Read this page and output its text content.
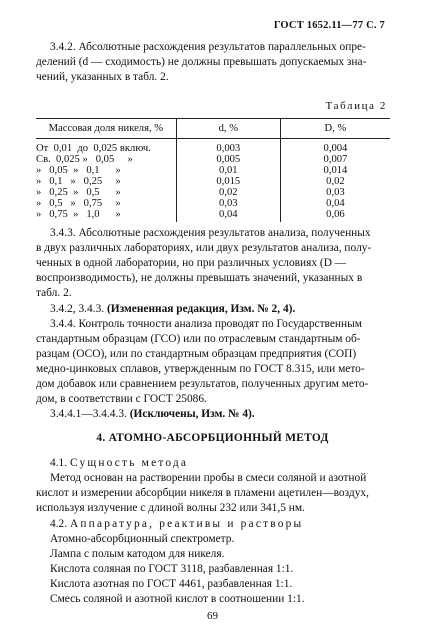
ГОСТ 1652.11—77 С. 7
3.4.2. Абсолютные расхождения результатов параллельных опре-
делений (d — сходимость) не должны превышать допускаемых зна-
чений, указанных в табл. 2.
Таблица 2
Массовая доля никеля, %	d, %	D, %
От  0,01  до  0,025 включ.	0,003	0,004
Св.  0,025 »   0,05     »	0,005	0,007
»   0,05  »   0,1      »	0,01	0,014
»   0,1   »   0,25     »	0,015	0,02
»   0,25  »   0,5      »	0,02	0,03
»   0,5   »   0,75     »	0,03	0,04
»   0,75  »   1,0      »	0,04	0,06
3.4.3. Абсолютные расхождения результатов анализа, полученных
в двух различных лабораториях, или двух результатов анализа, полу-
ченных в одной лаборатории, но при различных условиях (D —
воспроизводимость), не должны превышать значений, указанных в
табл. 2.
3.4.2, 3.4.3. (Измененная редакция, Изм. № 2, 4).
3.4.4. Контроль точности анализа проводят по Государственным
стандартным образцам (ГСО) или по отраслевым стандартным об-
разцам (ОСО), или по стандартным образцам предприятия (СОП)
медно-цинковых сплавов, утвержденным по ГОСТ 8.315, или мето-
дом добавок или сравнением результатов, полученных другим мето-
дом, в соответствии с ГОСТ 25086.
3.4.4.1—3.4.4.3. (Исключены, Изм. № 4).
4. АТОМНО-АБСОРБЦИОННЫЙ МЕТОД
4.1. Сущность метода
Метод основан на растворении пробы в смеси соляной и азотной
кислот и измерении абсорбции никеля в пламени ацетилен—воздух,
используя излучение с длиной волны 232 или 341,5 нм.
4.2. Аппаратура, реактивы и растворы
Атомно-абсорбционный спектрометр.
Лампа с полым катодом для никеля.
Кислота соляная по ГОСТ 3118, разбавленная 1:1.
Кислота азотная по ГОСТ 4461, разбавленная 1:1.
Смесь соляной и азотной кислот в соотношении 1:1.
69
